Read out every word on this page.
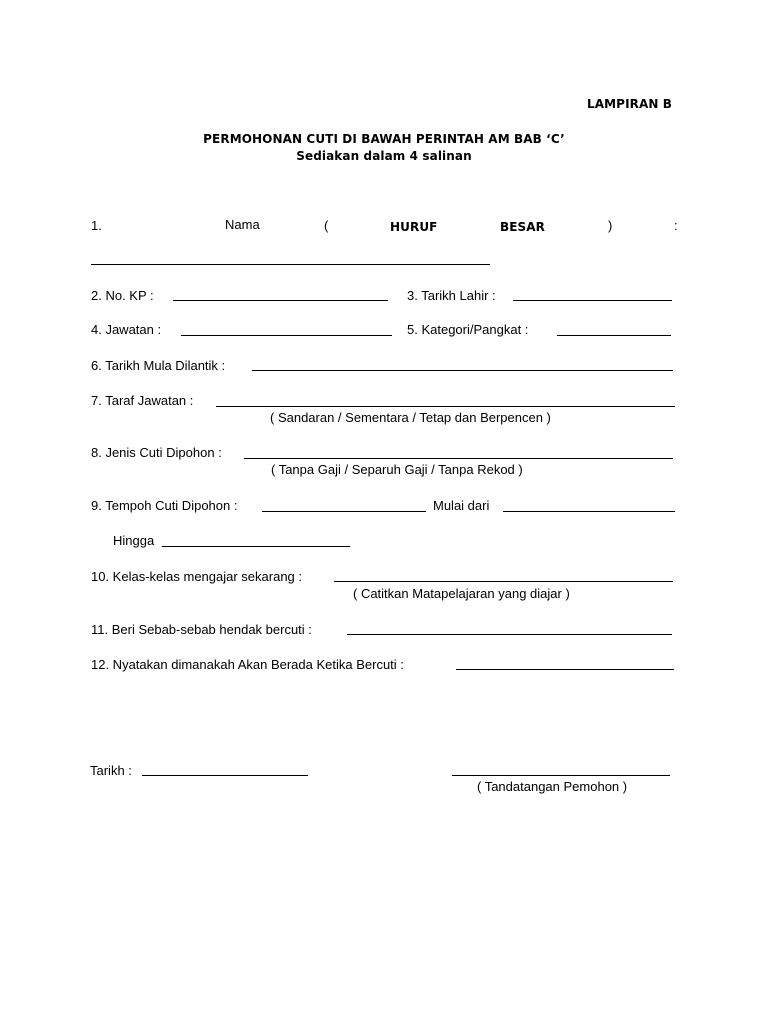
LAMPIRAN B
PERMOHONAN CUTI DI BAWAH PERINTAH AM BAB ‘C’
Sediakan dalam 4 salinan
1.	Nama	(	HURUF	BESAR	)	:
2. No. KP :	3. Tarikh Lahir :
4. Jawatan :	5. Kategori/Pangkat :
6. Tarikh Mula Dilantik :
7. Taraf Jawatan :
( Sandaran / Sementara / Tetap dan Berpencen )
8. Jenis Cuti Dipohon :
( Tanpa Gaji / Separuh Gaji / Tanpa Rekod )
9. Tempoh Cuti Dipohon :	Mulai dari
Hingga
10. Kelas-kelas mengajar sekarang :
( Catitkan Matapelajaran yang diajar )
11. Beri Sebab-sebab hendak bercuti :
12. Nyatakan dimanakah Akan Berada Ketika Bercuti :
Tarikh :
( Tandatangan Pemohon )
